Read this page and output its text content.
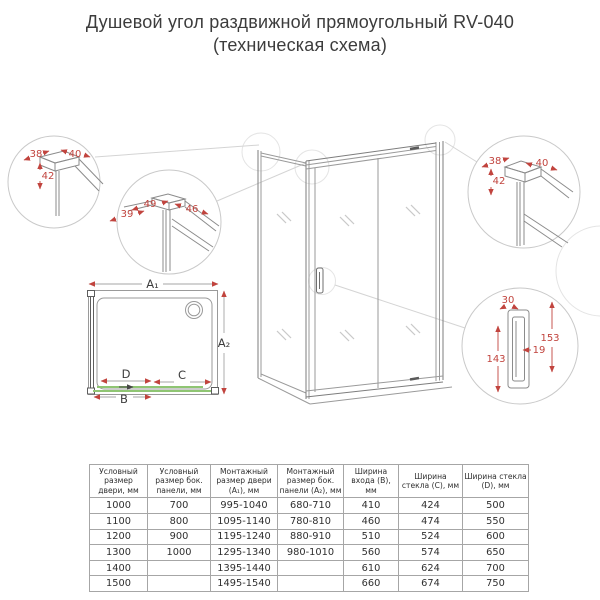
Душевой угол раздвижной прямоугольный RV-040
(техническая схема)
38	40
42
49	46
39
38	40
42
30
153
19
143
A₁
A₂
D	C
B
Условный размер двери, мм	Условный размер бок. панели, мм	Монтажный размер двери (А₁), мм	Монтажный размер бок. панели (А₂), мм	Ширина входа (B), мм	Ширина стекла (C), мм	Ширина стекла (D), мм
1000	700	995-1040	680-710	410	424	500
1100	800	1095-1140	780-810	460	474	550
1200	900	1195-1240	880-910	510	524	600
1300	1000	1295-1340	980-1010	560	574	650
1400		1395-1440		610	624	700
1500		1495-1540		660	674	750
